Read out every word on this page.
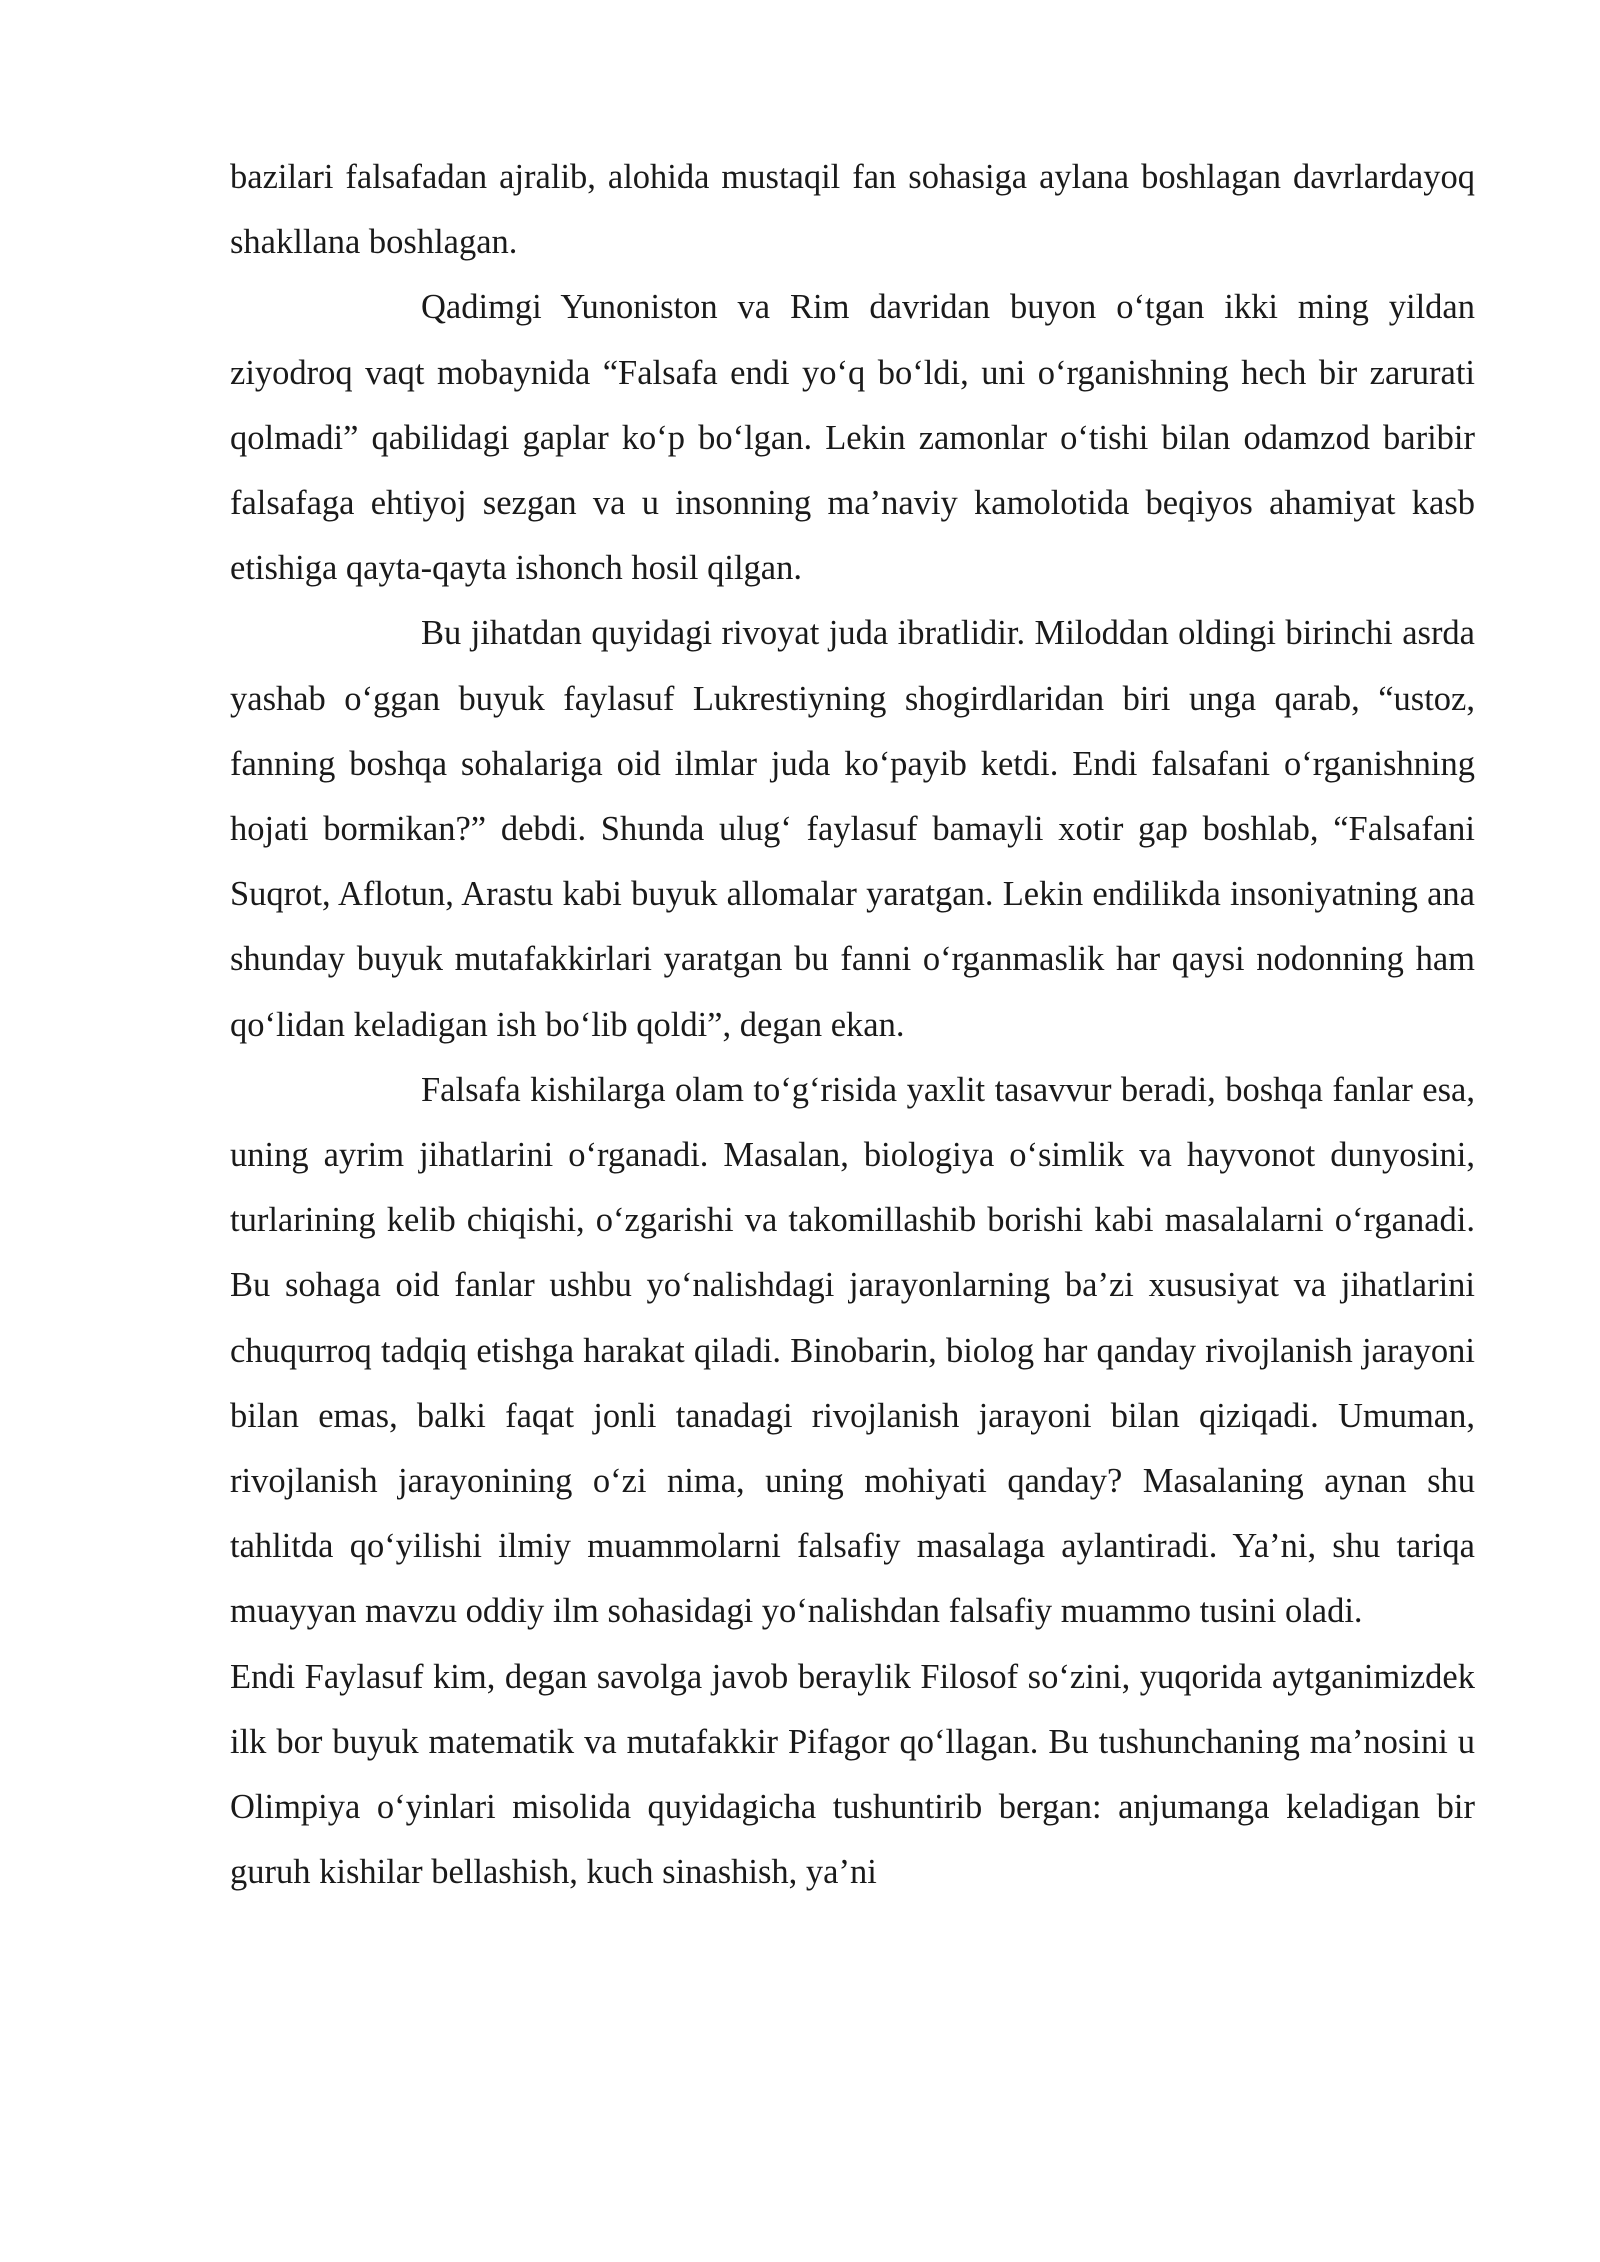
bazilari falsafadan ajralib, alohida mustaqil fan sohasiga aylana boshlagan davrlardayoq shakllana boshlagan.

Qadimgi Yunoniston va Rim davridan buyon o‘tgan ikki ming yildan ziyodroq vaqt mobaynida “Falsafa endi yo‘q bo‘ldi, uni o‘rganishning hech bir zarurati qolmadi” qabilidagi gaplar ko‘p bo‘lgan. Lekin zamonlar o‘tishi bilan odamzod baribir falsafaga ehtiyoj sezgan va u insonning ma’naviy kamolotida beqiyos ahamiyat kasb etishiga qayta-qayta ishonch hosil qilgan.

Bu jihatdan quyidagi rivoyat juda ibratlidir. Miloddan oldingi birinchi asrda yashab o‘ggan buyuk faylasuf Lukrestiyning shogirdlaridan biri unga qarab, “ustoz, fanning boshqa sohalariga oid ilmlar juda ko‘payib ketdi. Endi falsafani o‘rganishning hojati bormikan?” debdi. Shunda ulug‘ faylasuf bamayli xotir gap boshlab, “Falsafani Suqrot, Aflotun, Arastu kabi buyuk allomalar yaratgan. Lekin endilikda insoniyatning ana shunday buyuk mutafakkirlari yaratgan bu fanni o‘rganmaslik har qaysi nodonning ham qo‘lidan keladigan ish bo‘lib qoldi”, degan ekan.

Falsafa kishilarga olam to‘g‘risida yaxlit tasavvur beradi, boshqa fanlar esa, uning ayrim jihatlarini o‘rganadi. Masalan, biologiya o‘simlik va hayvonot dunyosini, turlarining kelib chiqishi, o‘zgarishi va takomillashib borishi kabi masalalarni o‘rganadi. Bu sohaga oid fanlar ushbu yo‘nalishdagi jarayonlarning ba’zi xususiyat va jihatlarini chuqurroq tadqiq etishga harakat qiladi. Binobarin, biolog har qanday rivojlanish jarayoni bilan emas, balki faqat jonli tanadagi rivojlanish jarayoni bilan qiziqadi. Umuman, rivojlanish jarayonining o‘zi nima, uning mohiyati qanday? Masalaning aynan shu tahlitda qo‘yilishi ilmiy muammolarni falsafiy masalaga aylantiradi. Ya’ni, shu tariqa muayyan mavzu oddiy ilm sohasidagi yo‘nalishdan falsafiy muammo tusini oladi.

Endi Faylasuf kim, degan savolga javob beraylik Filosof so‘zini, yuqorida aytganimizdek ilk bor buyuk matematik va mutafakkir Pifagor qo‘llagan. Bu tushunchaning ma’nosini u Olimpiya o‘yinlari misolida quyidagicha tushuntirib bergan: anjumanga keladigan bir guruh kishilar bellashish, kuch sinashish, ya’ni
